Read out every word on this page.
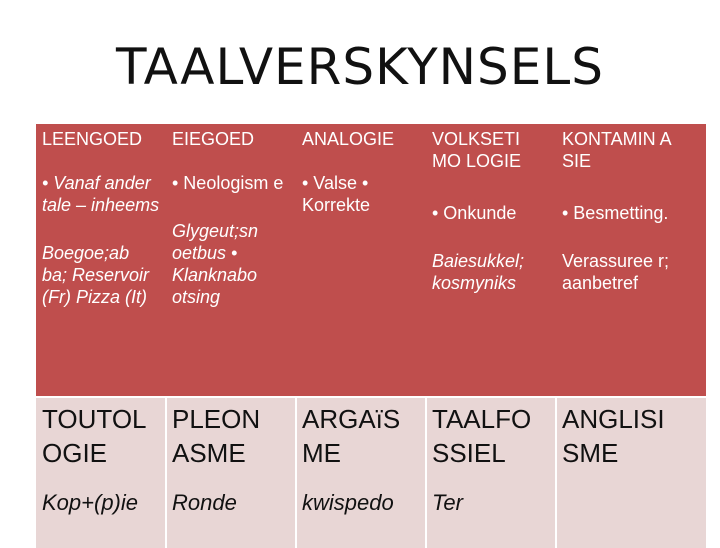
TAALVERSKYNSELS
LEENGOED
• Vanaf ander tale – inheems
Boegoe;ab ba; Reservoir (Fr) Pizza (It)
EIEGOED
• Neologism e
Glygeut;sn oetbus • Klanknabo otsing
ANALOGIE
• Valse • Korrekte
VOLKSETI MO LOGIE
• Onkunde
Baiesukkel; kosmyniks
KONTAMIN A SIE
• Besmetting.
Verassuree r; aanbetref
TOUTOL OGIE
Kop+(p)ie
PLEON ASME
Ronde
ARGAïS ME
kwispedo
TAALFO SSIEL
Ter
ANGLISI SME
